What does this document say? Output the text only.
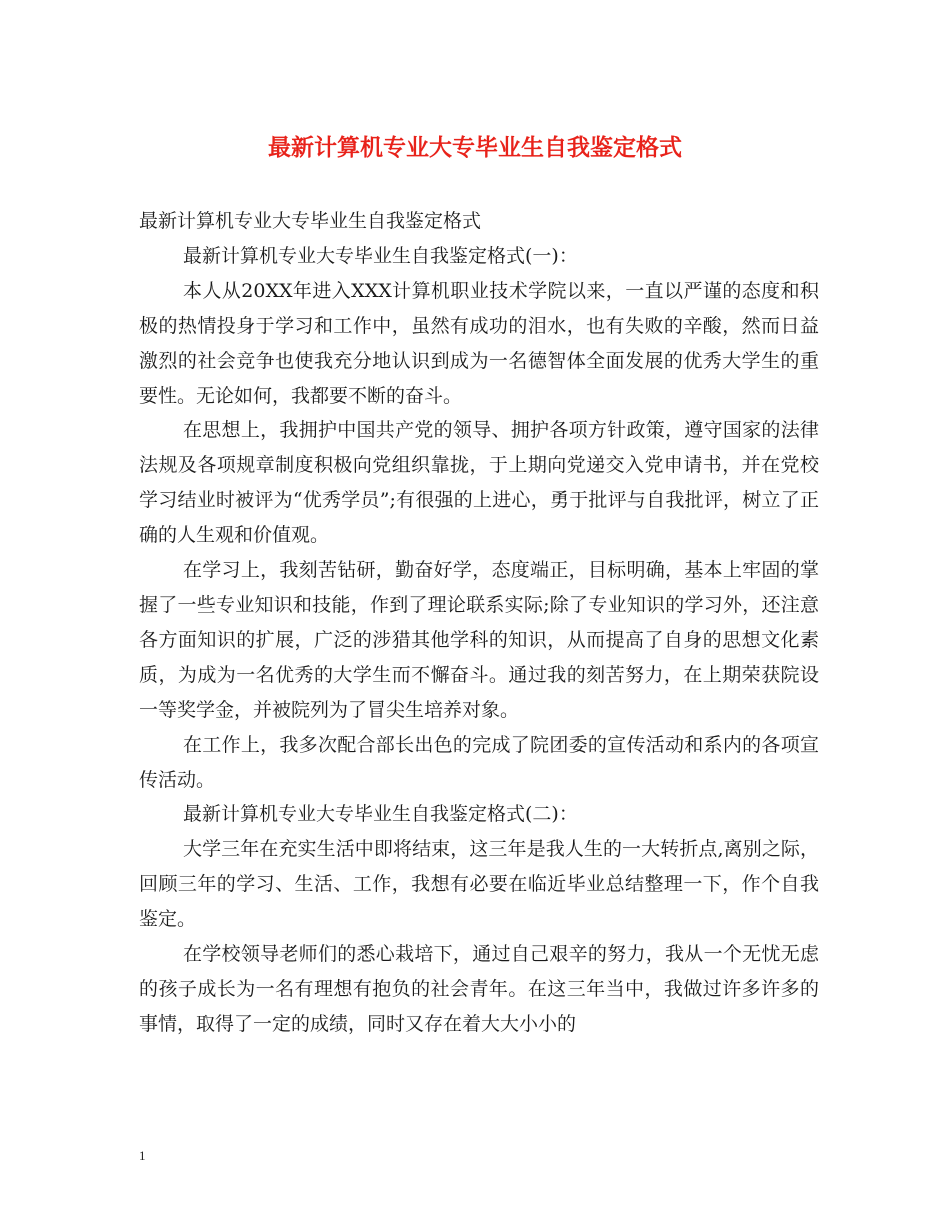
最新计算机专业大专毕业生自我鉴定格式

最新计算机专业大专毕业生自我鉴定格式

最新计算机专业大专毕业生自我鉴定格式(一)：

本人从20XX年进入XXX计算机职业技术学院以来，一直以严谨的态度和积极的热情投身于学习和工作中，虽然有成功的泪水，也有失败的辛酸，然而日益激烈的社会竞争也使我充分地认识到成为一名德智体全面发展的优秀大学生的重要性。无论如何，我都要不断的奋斗。

在思想上，我拥护中国共产党的领导、拥护各项方针政策，遵守国家的法律法规及各项规章制度积极向党组织靠拢，于上期向党递交入党申请书，并在党校学习结业时被评为“优秀学员”;有很强的上进心，勇于批评与自我批评，树立了正确的人生观和价值观。

在学习上，我刻苦钻研，勤奋好学，态度端正，目标明确，基本上牢固的掌握了一些专业知识和技能，作到了理论联系实际;除了专业知识的学习外，还注意各方面知识的扩展，广泛的涉猎其他学科的知识，从而提高了自身的思想文化素质，为成为一名优秀的大学生而不懈奋斗。通过我的刻苦努力，在上期荣获院设一等奖学金，并被院列为了冒尖生培养对象。

在工作上，我多次配合部长出色的完成了院团委的宣传活动和系内的各项宣传活动。

最新计算机专业大专毕业生自我鉴定格式(二)：

大学三年在充实生活中即将结束，这三年是我人生的一大转折点,离别之际，回顾三年的学习、生活、工作，我想有必要在临近毕业总结整理一下，作个自我鉴定。

在学校领导老师们的悉心栽培下，通过自己艰辛的努力，我从一个无忧无虑的孩子成长为一名有理想有抱负的社会青年。在这三年当中，我做过许多许多的事情，取得了一定的成绩，同时又存在着大大小小的

1
